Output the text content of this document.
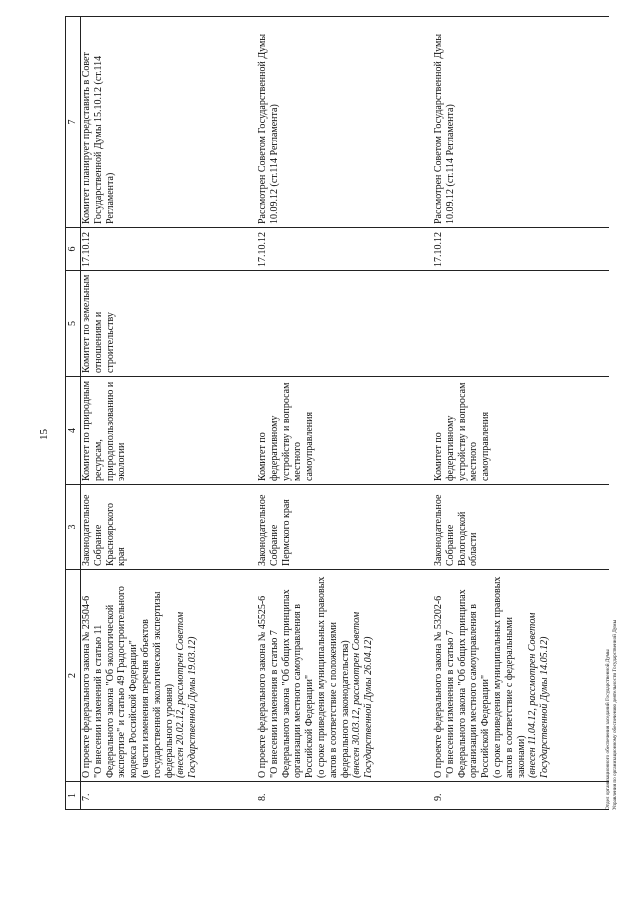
15
1	2	3	4	5	6	7
7.	О проекте федерального закона № 23504-6
"О внесении изменений в статью 11 Федерального закона "Об экологической экспертизе" и статью 49 Градостроительного кодекса Российской Федерации"
(в части изменения перечня объектов государственной экологической экспертизы федерального уровня) (внесен 20.02.12, рассмотрен Советом Государственной Думы 19.03.12)	Законодательное Собрание Красноярского края	Комитет по природным ресурсам, природопользованию и экологии	Комитет по земельным отношениям и строительству	17.10.12	Комитет планирует представить в Совет Государственной Думы 15.10.12 (ст.114 Регламента)
8.	О проекте федерального закона № 45525-6
"О внесении изменения в статью 7 Федерального закона "Об общих принципах организации местного самоуправления в Российской Федерации"
(о сроке приведения муниципальных правовых актов в соответствие с положениями федерального законодательства) (внесен 30.03.12, рассмотрен Советом Государственной Думы 26.04.12)	Законодательное Собрание Пермского края	Комитет по федеративному устройству и вопросам местного самоуправления		17.10.12	Рассмотрен Советом Государственной Думы 10.09.12 (ст.114 Регламента)
9.	О проекте федерального закона № 53202-6
"О внесении изменения в статью 7 Федерального закона "Об общих принципах организации местного самоуправления в Российской Федерации"
(о сроке приведения муниципальных правовых актов в соответствие с федеральными законами) (внесен 11.04.12, рассмотрен Советом Государственной Думы 14.05.12)	Законодательное Собрание Вологодской области	Комитет по федеративному устройству и вопросам местного самоуправления		17.10.12	Рассмотрен Советом Государственной Думы 10.09.12 (ст.114 Регламента)
Отдел организационного обеспечения заседаний Государственной Думы Управления по организационному обеспечению деятельности Государственной Думы
